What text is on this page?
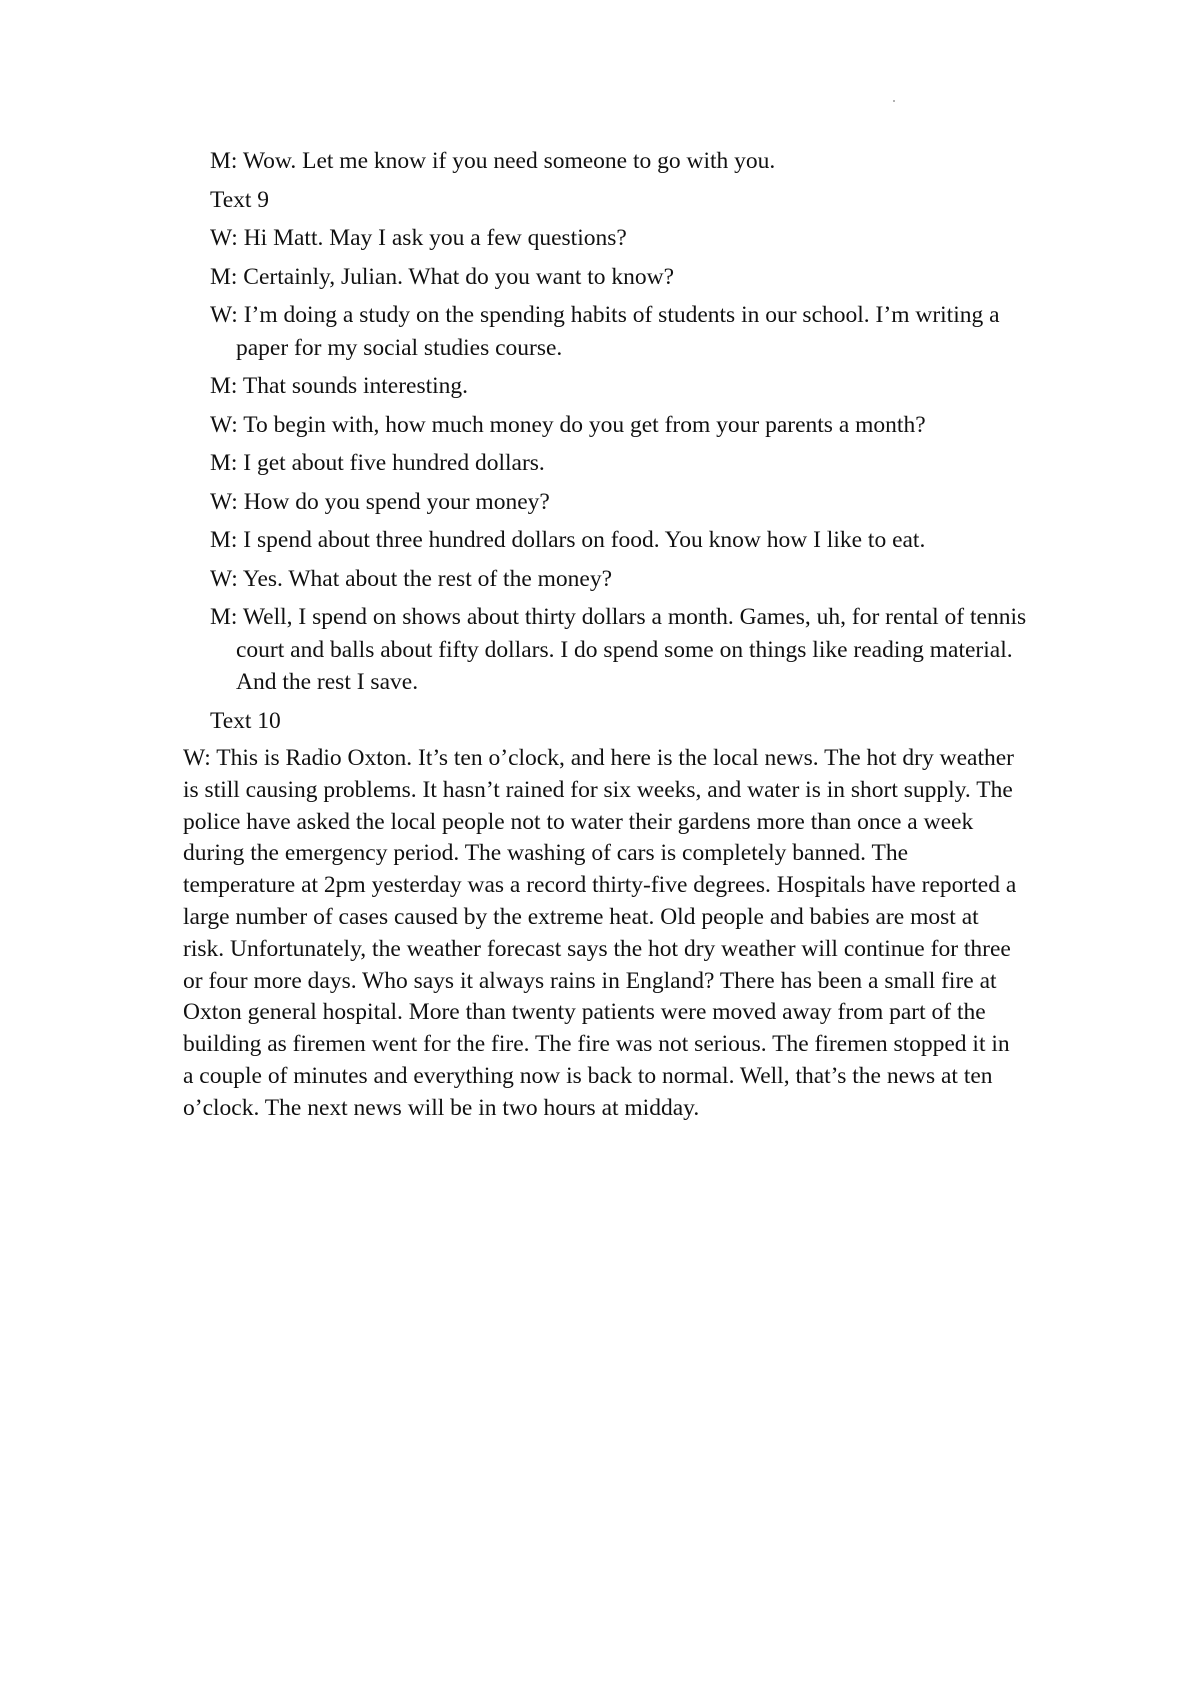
M: Wow. Let me know if you need someone to go with you.

Text 9

W: Hi Matt. May I ask you a few questions?

M: Certainly, Julian. What do you want to know?

W: I’m doing a study on the spending habits of students in our school. I’m writing a paper for my social studies course.

M: That sounds interesting.

W: To begin with, how much money do you get from your parents a month?

M: I get about five hundred dollars.

W: How do you spend your money?

M: I spend about three hundred dollars on food. You know how I like to eat.

W: Yes. What about the rest of the money?

M: Well, I spend on shows about thirty dollars a month. Games, uh, for rental of tennis court and balls about fifty dollars. I do spend some on things like reading material. And the rest I save.

Text 10

W: This is Radio Oxton. It’s ten o’clock, and here is the local news. The hot dry weather is still causing problems. It hasn’t rained for six weeks, and water is in short supply. The police have asked the local people not to water their gardens more than once a week during the emergency period. The washing of cars is completely banned. The temperature at 2pm yesterday was a record thirty-five degrees. Hospitals have reported a large number of cases caused by the extreme heat. Old people and babies are most at risk. Unfortunately, the weather forecast says the hot dry weather will continue for three or four more days. Who says it always rains in England? There has been a small fire at Oxton general hospital. More than twenty patients were moved away from part of the building as firemen went for the fire. The fire was not serious. The firemen stopped it in a couple of minutes and everything now is back to normal. Well, that’s the news at ten o’clock. The next news will be in two hours at midday.
